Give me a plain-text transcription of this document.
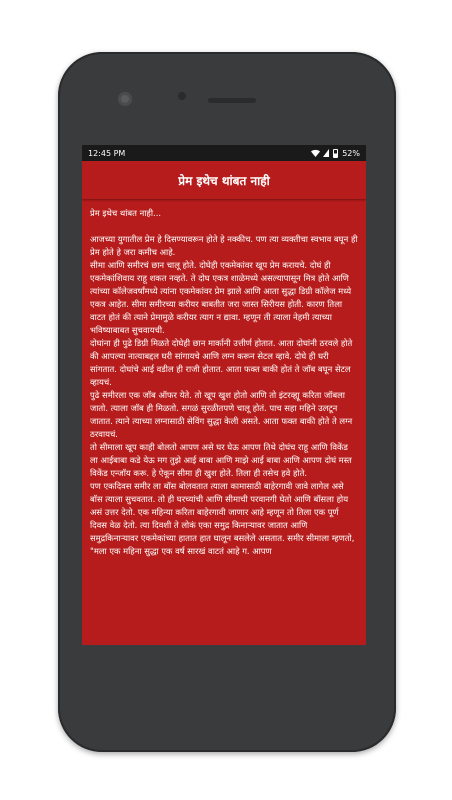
12:45 PM	52%
प्रेम इथेच थांबत नाही

प्रेम इथेच थांबत नाही...

आजच्या युगातील प्रेम हे दिसण्यावरून होते हे नक्कीच. पण त्या व्यक्तीचा स्वभाव बघून ही प्रेम होते हे जरा कमीच आहे.

सीमा आणि समीरचं छान चालू होते. दोघेही एकमेकांवर खूप प्रेम करायचे. दोघं ही एकमेकांशिवाय राहू शकत नव्हते. ते दोघ एकत्र शाळेमध्ये असल्यापासून मित्र होते आणि त्यांच्या कॉलेजवर्षांमध्ये त्यांना एकमेकांवर प्रेम झाले आणि आता सुद्धा डिग्री कॉलेज मध्ये एकत्र आहेत. सीमा समीरच्या करीयर बाबतीत जरा जास्त सिरीयस होती. कारण तिला वाटत होतं की त्याने प्रेमामुळे करीयर त्याग न द्यावा. म्हणून ती त्याला नेहमी त्याच्या भविष्याबाबत सुचवायची.

दोघांना ही पुढे डिग्री मिळते दोघेही छान मार्कानी उत्तीर्ण होतात. आता दोघांनी ठरवले होते की आपल्या नात्याबद्दल घरी सांगायचे आणि लग्न करून सेटल व्हावे. दोघे ही घरी सांगतात. दोघांचे आई वडील ही राजी होतात. आता फक्त बाकी होतं ते जॉब बघून सेटल व्हायचं.

पुढे समीरला एक जॉब ऑफर येते. तो खूप खुश होतो आणि तो इंटरव्ह्यू करिता जॉबला जातो. त्याला जॉब ही मिळतो. सगळं सुरळीतपणे चालू होतं. पाच सहा महिने उलटून जातात. त्याने त्याच्या लग्नासाठी सेविंग सुद्धा केली असते. आता फक्त बाकी होते ते लग्न ठरवायचं.

तो सीमाला खूप काही बोलतो आपण असे घर घेऊ आपण तिथे दोघंच राहू आणि विकेंड ला आईबाबा कडे येऊ मग तुझे आई बाबा आणि माझे आई बाबा आणि आपण दोघं मस्त विकेंड एन्जॉय करू. हे ऐकून सीमा ही खुश होते. तिला ही तसेच हवे होते.

पण एकदिवस समीर ला बॉस बोलवतात त्याला कामासाठी बाहेरगावी जावे लागेल असे बॉस त्याला सुचवतात. तो ही घरच्यांची आणि सीमाची परवानगी घेतो आणि बॉसला होय असं उत्तर देतो. एक महिन्या करिता बाहेरगावी जाणार आहे म्हणून तो तिला एक पूर्ण दिवस वेळ देतो. त्या दिवशी ते लोकं एका समुद्र किनाऱ्यावर जातात आणि समुद्रकिनाऱ्यावर एकमेकांच्या हातात हात घालून बसलेले असतात. समीर सीमाला म्हणतो, "मला एक महिना सुद्धा एक वर्ष सारखं वाटतं आहे ग. आपण
